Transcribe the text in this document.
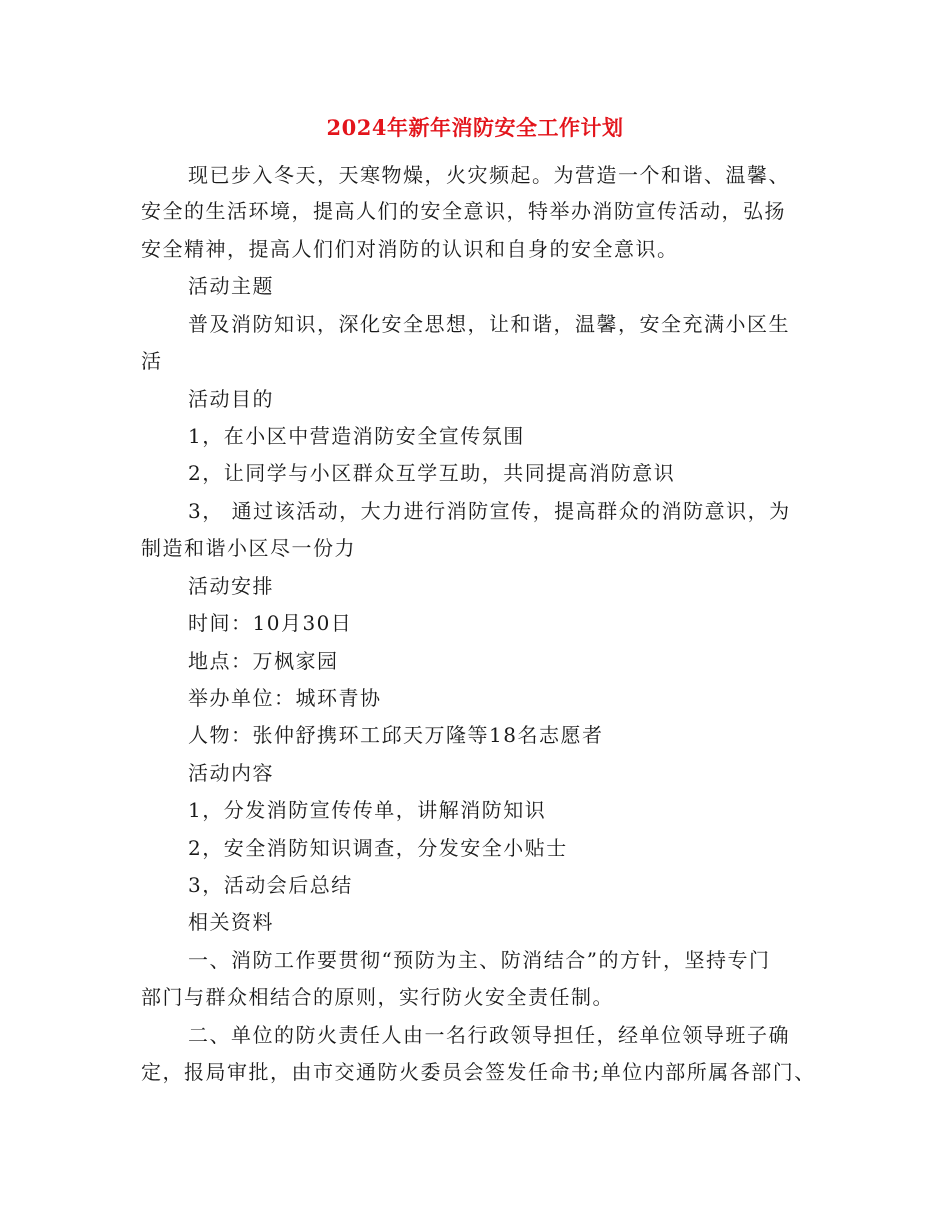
2024年新年消防安全工作计划
现已步入冬天，天寒物燥，火灾频起。为营造一个和谐、温馨、
安全的生活环境，提高人们的安全意识，特举办消防宣传活动，弘扬
安全精神，提高人们们对消防的认识和自身的安全意识。
活动主题
普及消防知识，深化安全思想，让和谐，温馨，安全充满小区生
活
活动目的
1，在小区中营造消防安全宣传氛围
2，让同学与小区群众互学互助，共同提高消防意识
3， 通过该活动，大力进行消防宣传，提高群众的消防意识，为
制造和谐小区尽一份力
活动安排
时间：10月30日
地点：万枫家园
举办单位：城环青协
人物：张仲舒携环工邱天万隆等18名志愿者
活动内容
1，分发消防宣传传单，讲解消防知识
2，安全消防知识调查，分发安全小贴士
3，活动会后总结
相关资料
一、消防工作要贯彻“预防为主、防消结合”的方针，坚持专门
部门与群众相结合的原则，实行防火安全责任制。
二、单位的防火责任人由一名行政领导担任，经单位领导班子确
定，报局审批，由市交通防火委员会签发任命书;单位内部所属各部门、
